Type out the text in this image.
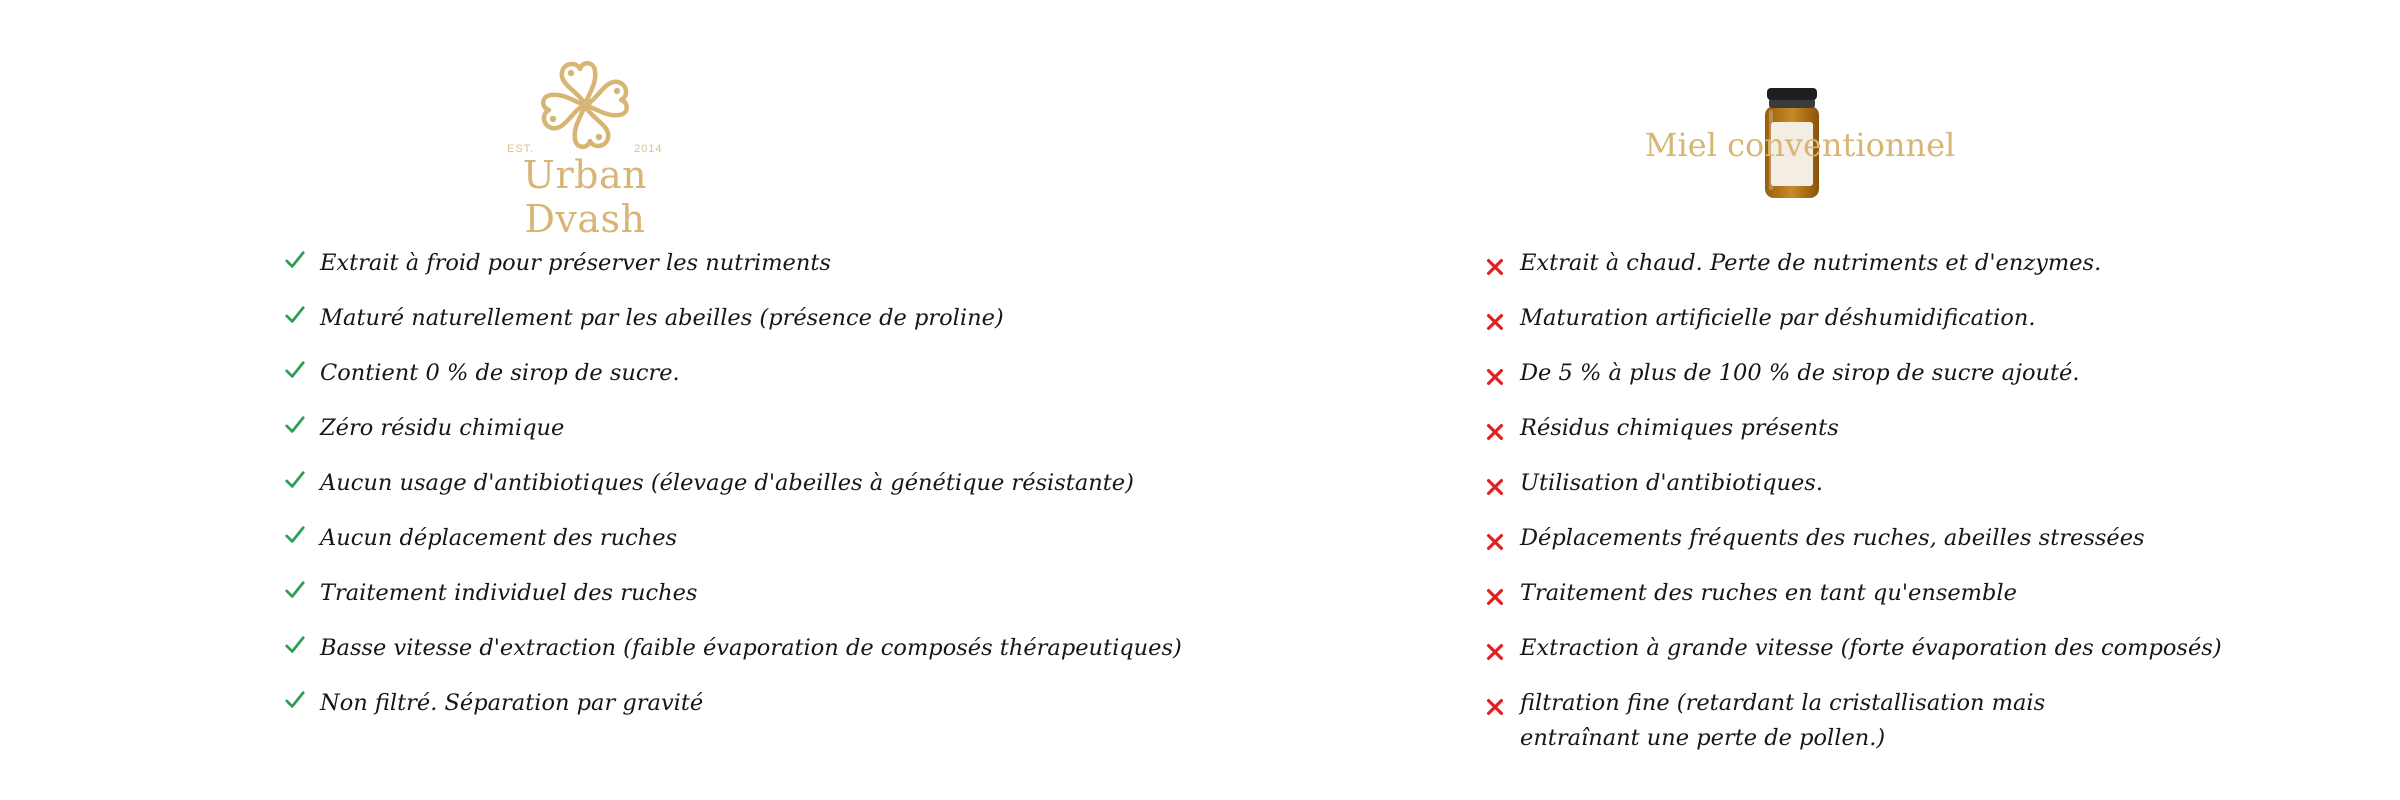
EST.	2014
Urban Dvash
Miel conventionnel
Extrait à froid pour préserver les nutriments
Maturé naturellement par les abeilles (présence de proline)
Contient 0 % de sirop de sucre.
Zéro résidu chimique
Aucun usage d'antibiotiques (élevage d'abeilles à génétique résistante)
Aucun déplacement des ruches
Traitement individuel des ruches
Basse vitesse d'extraction (faible évaporation de composés thérapeutiques)
Non filtré. Séparation par gravité
Extrait à chaud. Perte de nutriments et d'enzymes.
Maturation artificielle par déshumidification.
De 5 % à plus de 100 % de sirop de sucre ajouté.
Résidus chimiques présents
Utilisation d'antibiotiques.
Déplacements fréquents des ruches, abeilles stressées
Traitement des ruches en tant qu'ensemble
Extraction à grande vitesse (forte évaporation des composés)
filtration fine (retardant la cristallisation mais
entraînant une perte de pollen.)
